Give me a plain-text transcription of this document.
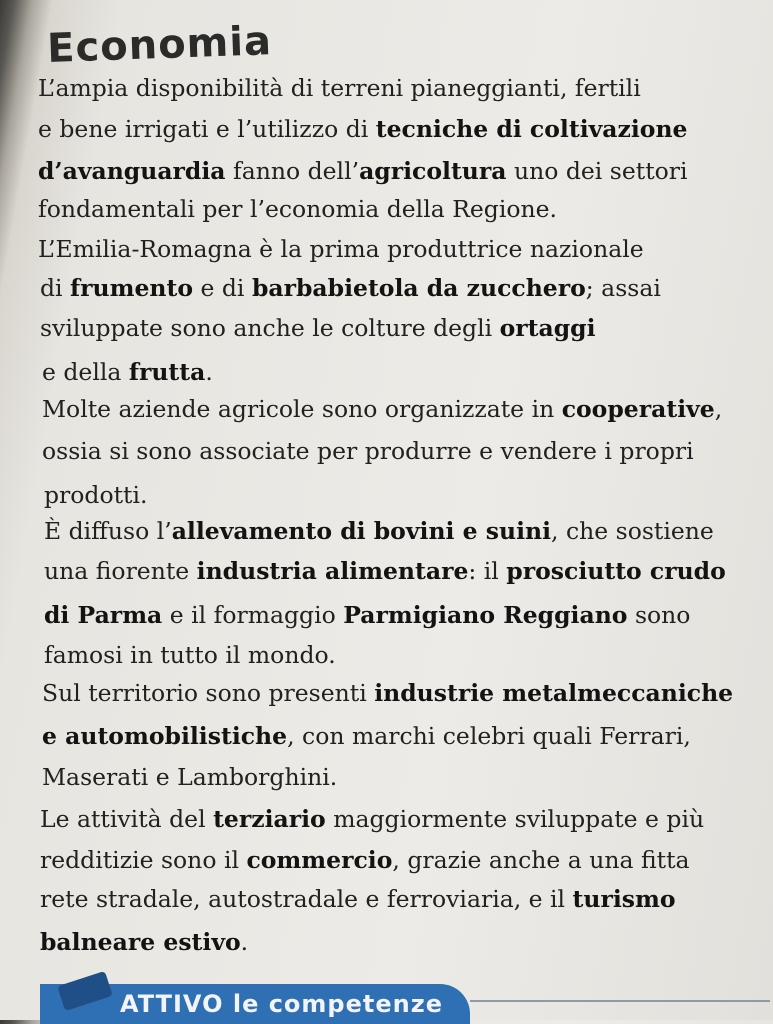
Economia
L’ampia disponibilità di terreni pianeggianti, fertili
e bene irrigati e l’utilizzo di tecniche di coltivazione
d’avanguardia fanno dell’agricoltura uno dei settori
fondamentali per l’economia della Regione.
L’Emilia-Romagna è la prima produttrice nazionale
di frumento e di barbabietola da zucchero; assai
sviluppate sono anche le colture degli ortaggi
e della frutta.
Molte aziende agricole sono organizzate in cooperative,
ossia si sono associate per produrre e vendere i propri
prodotti.
È diffuso l’allevamento di bovini e suini, che sostiene
una fiorente industria alimentare: il prosciutto crudo
di Parma e il formaggio Parmigiano Reggiano sono
famosi in tutto il mondo.
Sul territorio sono presenti industrie metalmeccaniche
e automobilistiche, con marchi celebri quali Ferrari,
Maserati e Lamborghini.
Le attività del terziario maggiormente sviluppate e più
redditizie sono il commercio, grazie anche a una fitta
rete stradale, autostradale e ferroviaria, e il turismo
balneare estivo.
ATTIVO le competenze
